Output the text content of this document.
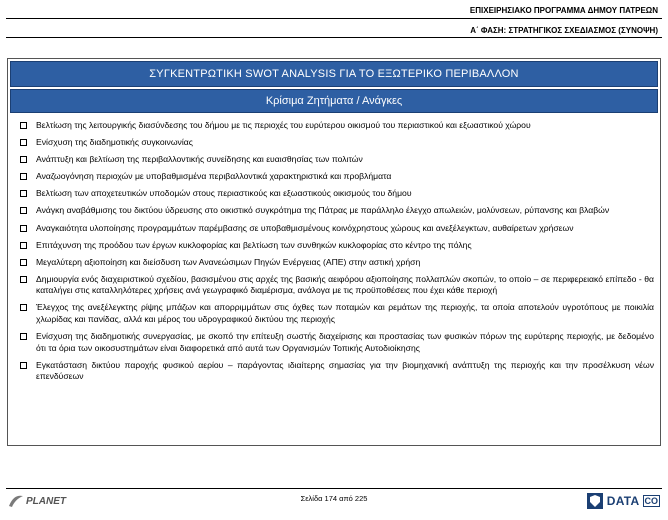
ΕΠΙΧΕΙΡΗΣΙΑΚΟ ΠΡΟΓΡΑΜΜΑ ΔΗΜΟΥ ΠΑΤΡΕΩΝ
Α΄ ΦΑΣΗ: ΣΤΡΑΤΗΓΙΚΟΣ ΣΧΕΔΙΑΣΜΟΣ (ΣΥΝΟΨΗ)
ΣΥΓΚΕΝΤΡΩΤΙΚΗ SWOT ANALYSIS ΓΙΑ ΤΟ ΕΞΩΤΕΡΙΚΟ ΠΕΡΙΒΑΛΛΟΝ
Κρίσιμα Ζητήματα / Ανάγκες
Βελτίωση της λειτουργικής διασύνδεσης του δήμου με τις περιοχές του ευρύτερου οικισμού του περιαστικού και εξωαστικού χώρου
Ενίσχυση της διαδημοτικής συγκοινωνίας
Ανάπτυξη και βελτίωση της περιβαλλοντικής συνείδησης και ευαισθησίας των πολιτών
Αναζωογόνηση περιοχών με υποβαθμισμένα περιβαλλοντικά χαρακτηριστικά και προβλήματα
Βελτίωση των αποχετευτικών υποδομών στους περιαστικούς και εξωαστικούς οικισμούς του δήμου
Ανάγκη αναβάθμισης του δικτύου ύδρευσης στο οικιστικό συγκρότημα της Πάτρας με παράλληλο έλεγχο απωλειών, μολύνσεων, ρύπανσης και βλαβών
Αναγκαιότητα υλοποίησης προγραμμάτων παρέμβασης σε υποβαθμισμένους κοινόχρηστους χώρους και ανεξέλεγκτων, αυθαίρετων χρήσεων
Επιτάχυνση της προόδου των έργων κυκλοφορίας και βελτίωση των συνθηκών κυκλοφορίας στο κέντρο της πόλης
Μεγαλύτερη αξιοποίηση και διείσδυση των Ανανεώσιμων Πηγών Ενέργειας (ΑΠΕ) στην αστική χρήση
Δημιουργία ενός διαχειριστικού σχεδίου, βασισμένου στις αρχές της βασικής αειφόρου αξιοποίησης πολλαπλών σκοπών, το οποίο – σε περιφερειακό επίπεδο - θα καταλήγει στις καταλληλότερες χρήσεις ανά γεωγραφικό διαμέρισμα, ανάλογα με τις προϋποθέσεις που έχει κάθε περιοχή
Έλεγχος της ανεξέλεγκτης ρίψης μπάζων και απορριμμάτων στις όχθες των ποταμών και ρεμάτων της περιοχής, τα οποία αποτελούν υγροτόπους με ποικιλία χλωρίδας και πανίδας, αλλά και μέρος του υδρογραφικού δικτύου της περιοχής
Ενίσχυση της διαδημοτικής συνεργασίας, με σκοπό την επίτευξη σωστής διαχείρισης και προστασίας των φυσικών πόρων της ευρύτερης περιοχής, με δεδομένο ότι τα όρια των οικοσυστημάτων είναι διαφορετικά από αυτά των Οργανισμών Τοπικής Αυτοδιοίκησης
Εγκατάσταση δικτύου παροχής φυσικού αερίου – παράγοντας ιδιαίτερης σημασίας για την βιομηχανική ανάπτυξη της περιοχής και την προσέλκυση νέων επενδύσεων
PLANET	Σελίδα 174 από 225	DATA CO
